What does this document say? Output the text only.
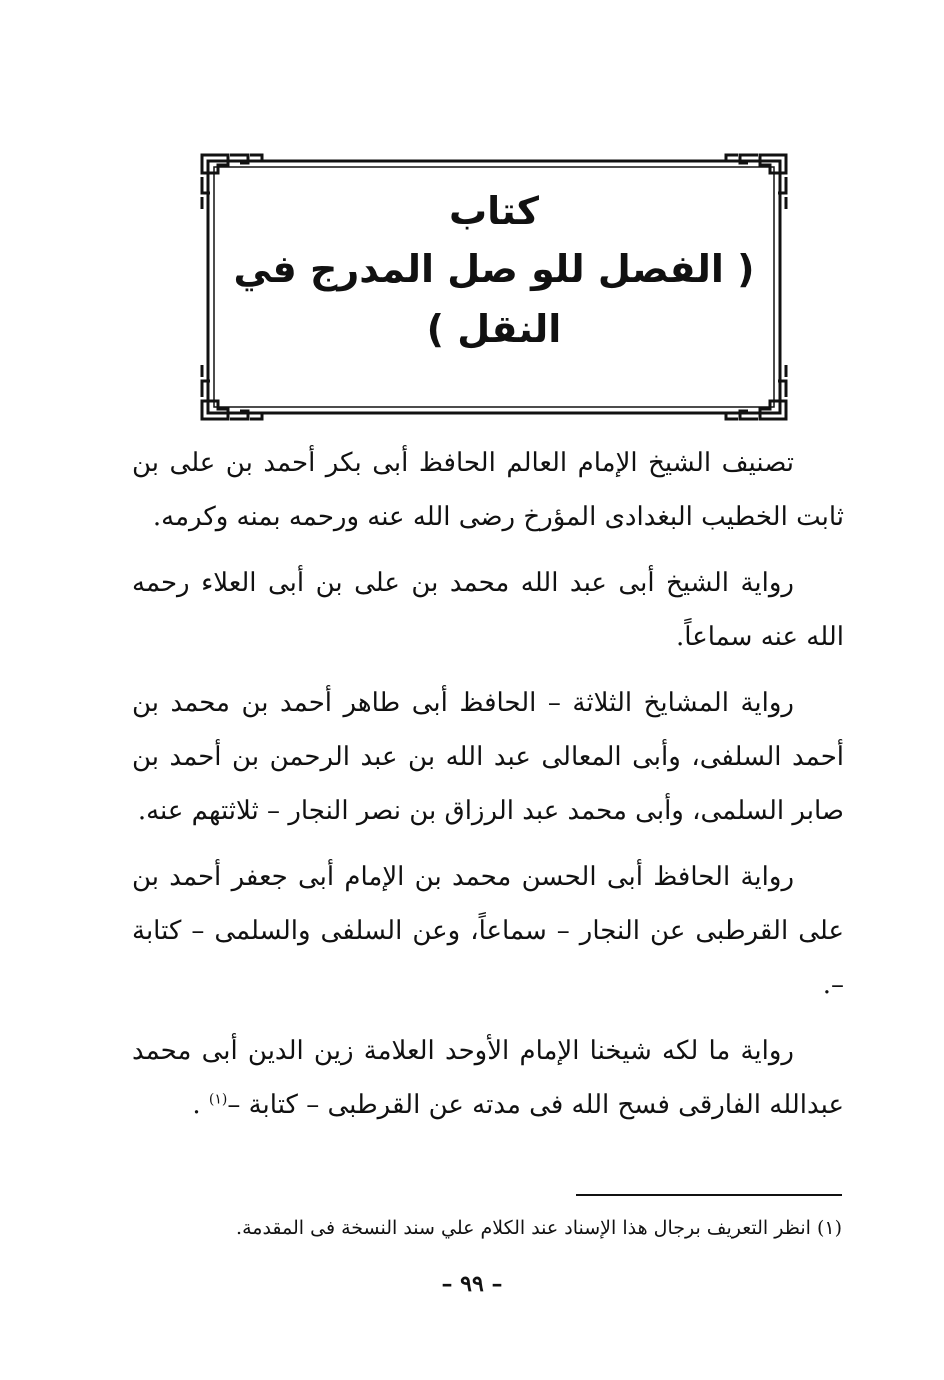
كتاب
( الفصل للو صل المدرج في النقل )

تصنيف الشيخ الإمام العالم الحافظ أبى بكر أحمد بن على بن ثابت الخطيب البغدادى المؤرخ رضى الله عنه ورحمه بمنه وكرمه.

رواية الشيخ أبى عبد الله محمد بن على بن أبى العلاء رحمه الله عنه سماعاً.

رواية المشايخ الثلاثة – الحافظ أبى طاهر أحمد بن محمد بن أحمد السلفى، وأبى المعالى عبد الله بن عبد الرحمن بن أحمد بن صابر السلمى، وأبى محمد عبد الرزاق بن نصر النجار – ثلاثتهم عنه.

رواية الحافظ أبى الحسن محمد بن الإمام أبى جعفر أحمد بن على القرطبى عن النجار – سماعاً، وعن السلفى والسلمى – كتابة –.

رواية ما لكه شيخنا الإمام الأوحد العلامة زين الدين أبى محمد عبدالله الفارقى فسح الله فى مدته عن القرطبى – كتابة –$^{(١)}$ .

(١) انظر التعريف برجال هذا الإسناد عند الكلام علي سند النسخة فى المقدمة.
– ٩٩ –
